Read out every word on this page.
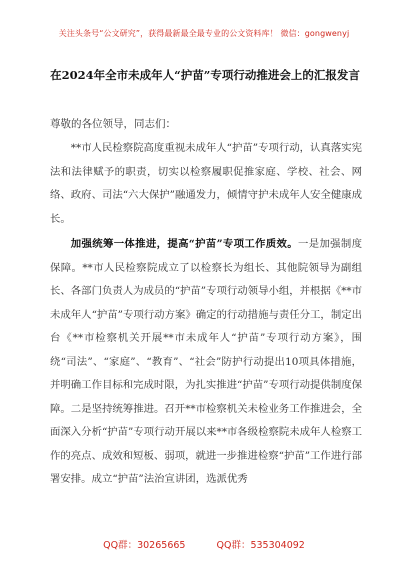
关注头条号“公文研究”，获得最新最全最专业的公文资料库！ 微信：gongwenyj
在2024年全市未成年人“护苗”专项行动推进会上的汇报发言
尊敬的各位领导，同志们：

**市人民检察院高度重视未成年人“护苗”专项行动，认真落实宪法和法律赋予的职责，切实以检察履职促推家庭、学校、社会、网络、政府、司法“六大保护”融通发力，倾情守护未成年人安全健康成长。

加强统筹一体推进，提高“护苗”专项工作质效。一是加强制度保障。**市人民检察院成立了以检察长为组长、其他院领导为副组长、各部门负责人为成员的“护苗”专项行动领导小组，并根据《**市未成年人“护苗”专项行动方案》确定的行动措施与责任分工，制定出台《**市检察机关开展**市未成年人“护苗”专项行动方案》，围绕“司法”、“家庭”、“教育”、“社会”防护行动提出10项具体措施，并明确工作目标和完成时限，为扎实推进“护苗”专项行动提供制度保障。二是坚持统筹推进。召开**市检察机关未检业务工作推进会，全面深入分析“护苗”专项行动开展以来**市各级检察院未成年人检察工作的亮点、成效和短板、弱项，就进一步推进检察“护苗”工作进行部署安排。成立“护苗”法治宣讲团，选派优秀

QQ群：30265665	QQ群：535304092
